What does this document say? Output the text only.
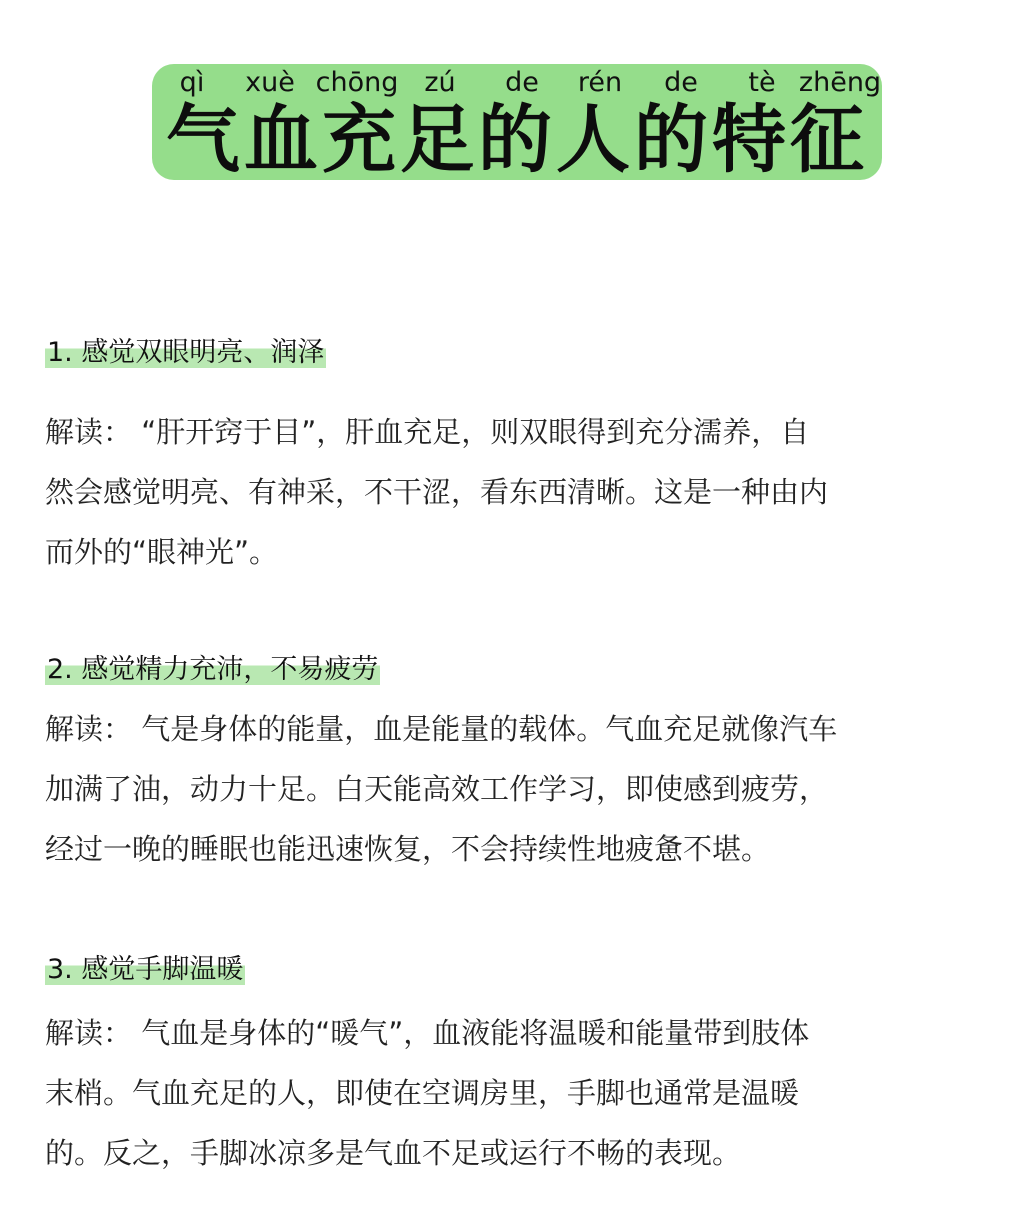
qì xuè chōng zú de rén de tè zhēng
气血充足的人的特征
1. 感觉双眼明亮、润泽
解读： “肝开窍于目”，肝血充足，则双眼得到充分濡养，自
然会感觉明亮、有神采，不干涩，看东西清晰。这是一种由内
而外的“眼神光”。
2. 感觉精力充沛，不易疲劳
解读： 气是身体的能量，血是能量的载体。气血充足就像汽车
加满了油，动力十足。白天能高效工作学习，即使感到疲劳，
经过一晚的睡眠也能迅速恢复，不会持续性地疲惫不堪。
3. 感觉手脚温暖
解读： 气血是身体的“暖气”，血液能将温暖和能量带到肢体
末梢。气血充足的人，即使在空调房里，手脚也通常是温暖
的。反之，手脚冰凉多是气血不足或运行不畅的表现。
